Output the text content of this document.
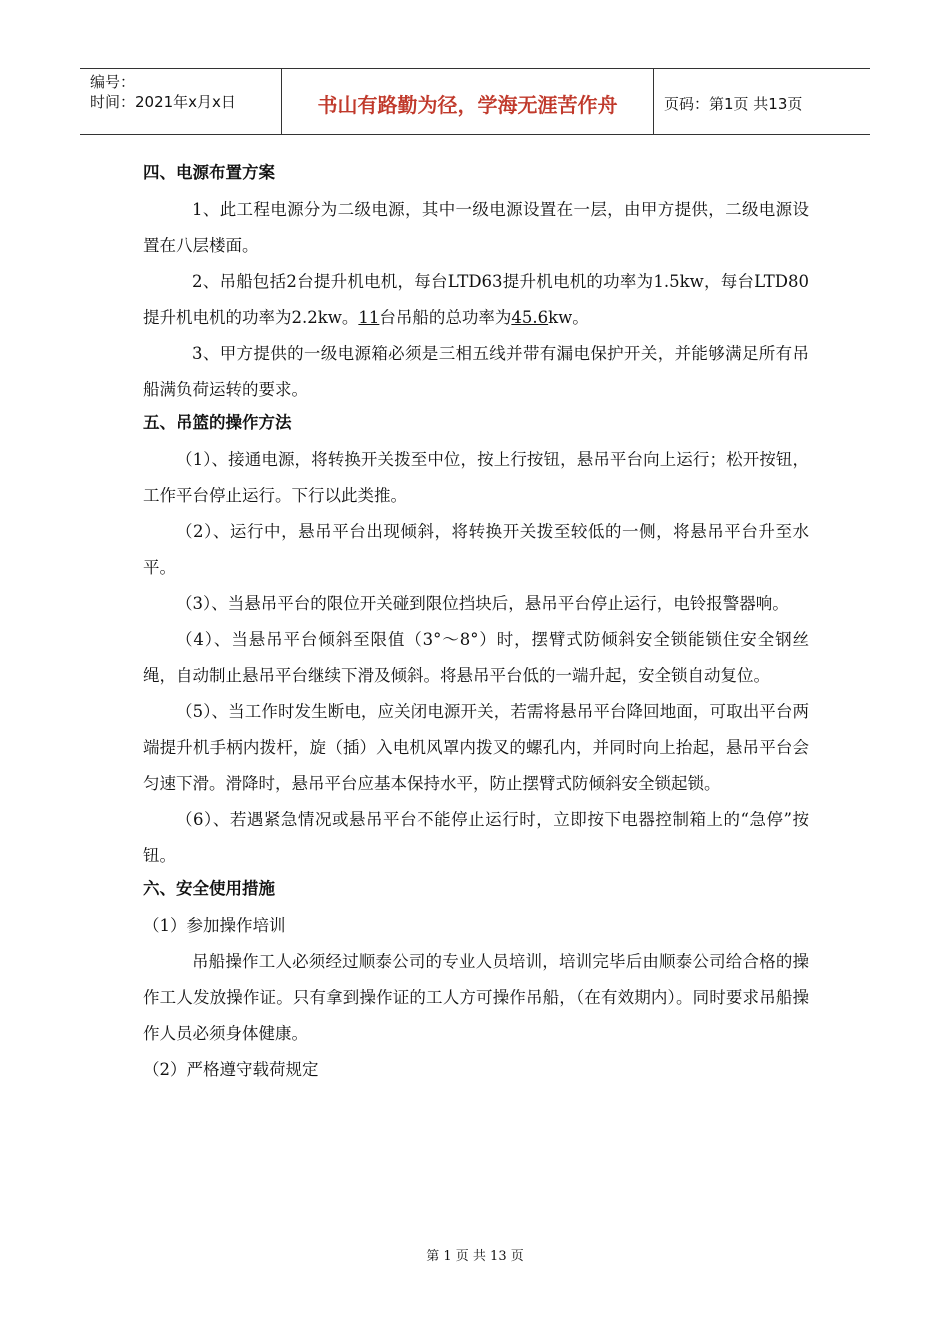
编号：
时间：2021年x月x日	书山有路勤为径，学海无涯苦作舟	页码：第1页 共13页
四、电源布置方案
1、此工程电源分为二级电源，其中一级电源设置在一层，由甲方提供，二级电源设置在八层楼面。
2、吊船包括2台提升机电机，每台LTD63提升机电机的功率为1.5kw，每台LTD80提升机电机的功率为2.2kw。11台吊船的总功率为45.6kw。
3、甲方提供的一级电源箱必须是三相五线并带有漏电保护开关，并能够满足所有吊船满负荷运转的要求。
五、吊篮的操作方法
（1）、接通电源，将转换开关拨至中位，按上行按钮，悬吊平台向上运行；松开按钮，工作平台停止运行。下行以此类推。
（2）、运行中，悬吊平台出现倾斜，将转换开关拨至较低的一侧，将悬吊平台升至水平。
（3）、当悬吊平台的限位开关碰到限位挡块后，悬吊平台停止运行，电铃报警器响。
（4）、当悬吊平台倾斜至限值（3°～8°）时，摆臂式防倾斜安全锁能锁住安全钢丝绳，自动制止悬吊平台继续下滑及倾斜。将悬吊平台低的一端升起，安全锁自动复位。
（5）、当工作时发生断电，应关闭电源开关，若需将悬吊平台降回地面，可取出平台两端提升机手柄内拨杆，旋（插）入电机风罩内拨叉的螺孔内，并同时向上抬起，悬吊平台会匀速下滑。滑降时，悬吊平台应基本保持水平，防止摆臂式防倾斜安全锁起锁。
（6）、若遇紧急情况或悬吊平台不能停止运行时，立即按下电器控制箱上的“急停”按钮。
六、安全使用措施
（1）参加操作培训
吊船操作工人必须经过顺泰公司的专业人员培训，培训完毕后由顺泰公司给合格的操作工人发放操作证。只有拿到操作证的工人方可操作吊船，（在有效期内）。同时要求吊船操作人员必须身体健康。
（2）严格遵守载荷规定
第 1 页 共 13 页
